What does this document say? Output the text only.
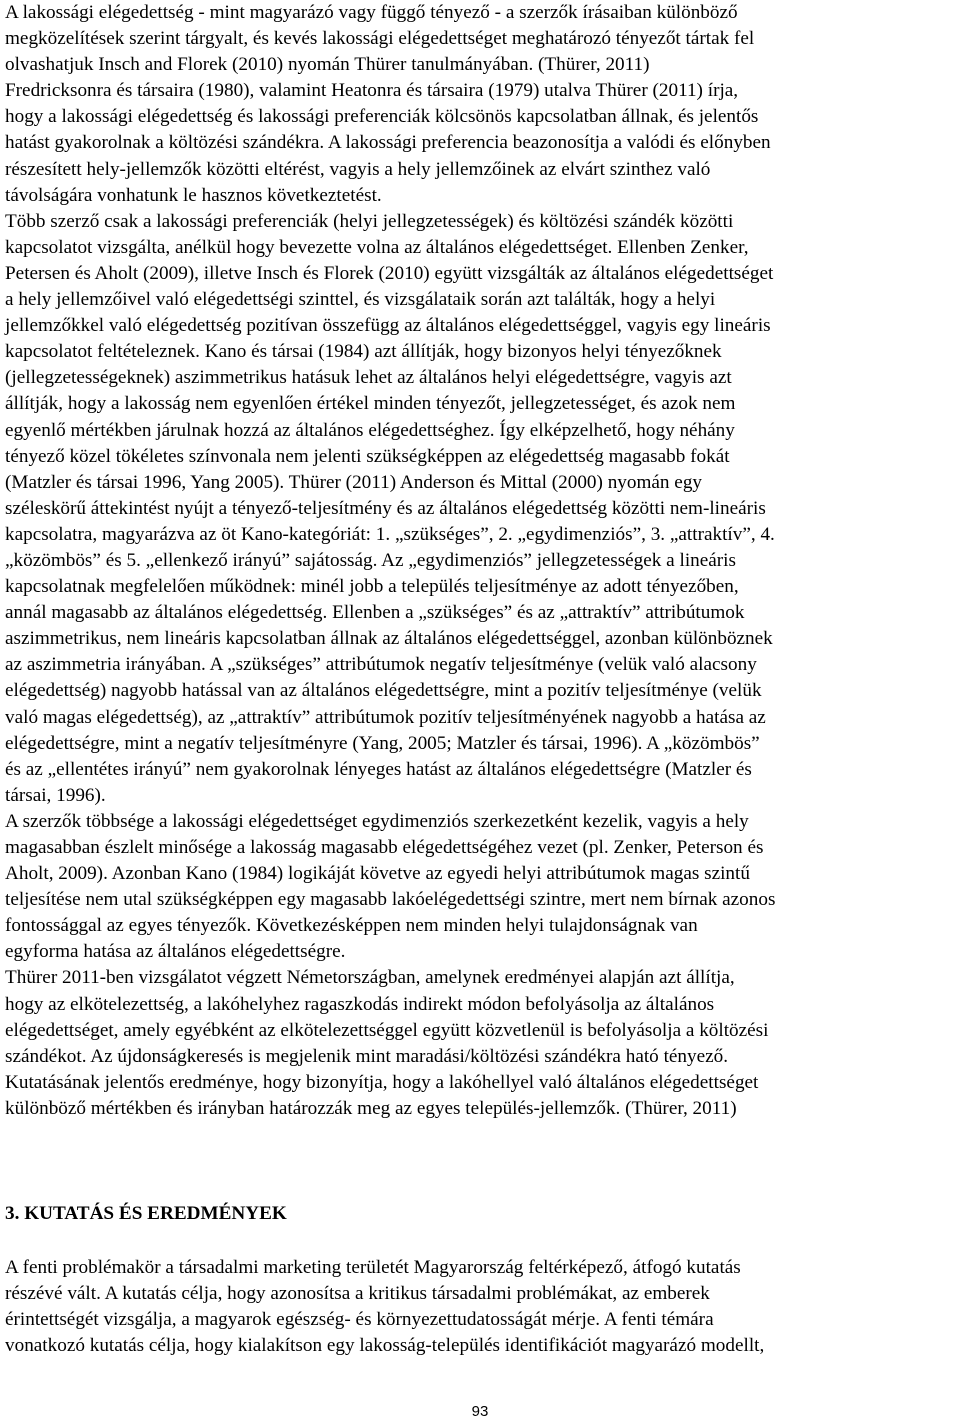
A lakossági elégedettség - mint magyarázó vagy függő tényező - a szerzők írásaiban különböző
megközelítések szerint tárgyalt, és kevés lakossági elégedettséget meghatározó tényezőt tártak fel
olvashatjuk Insch and Florek (2010) nyomán Thürer tanulmányában. (Thürer, 2011)
Fredricksonra és társaira (1980), valamint Heatonra és társaira (1979) utalva Thürer (2011) írja,
hogy a lakossági elégedettség és lakossági preferenciák kölcsönös kapcsolatban állnak, és jelentős
hatást gyakorolnak a költözési szándékra. A lakossági preferencia beazonosítja a valódi és előnyben
részesített hely-jellemzők közötti eltérést, vagyis a hely jellemzőinek az elvárt szinthez való
távolságára vonhatunk le hasznos következtetést.

Több szerző csak a lakossági preferenciák (helyi jellegzetességek) és költözési szándék közötti
kapcsolatot vizsgálta, anélkül hogy bevezette volna az általános elégedettséget. Ellenben Zenker,
Petersen és Aholt (2009), illetve Insch és Florek (2010) együtt vizsgálták az általános elégedettséget
a hely jellemzőivel való elégedettségi szinttel, és vizsgálataik során azt találták, hogy a helyi
jellemzőkkel való elégedettség pozitívan összefügg az általános elégedettséggel, vagyis egy lineáris
kapcsolatot feltételeznek. Kano és társai (1984) azt állítják, hogy bizonyos helyi tényezőknek
(jellegzetességeknek) aszimmetrikus hatásuk lehet az általános helyi elégedettségre, vagyis azt
állítják, hogy a lakosság nem egyenlően értékel minden tényezőt, jellegzetességet, és azok nem
egyenlő mértékben járulnak hozzá az általános elégedettséghez. Így elképzelhető, hogy néhány
tényező közel tökéletes színvonala nem jelenti szükségképpen az elégedettség magasabb fokát
(Matzler és társai 1996, Yang 2005). Thürer (2011) Anderson és Mittal (2000) nyomán egy
széleskörű áttekintést nyújt a tényező-teljesítmény és az általános elégedettség közötti nem-lineáris
kapcsolatra, magyarázva az öt Kano-kategóriát: 1. „szükséges”, 2. „egydimenziós”, 3. „attraktív”, 4.
„közömbös” és 5. „ellenkező irányú” sajátosság. Az „egydimenziós” jellegzetességek a lineáris
kapcsolatnak megfelelően működnek: minél jobb a település teljesítménye az adott tényezőben,
annál magasabb az általános elégedettség. Ellenben a „szükséges” és az „attraktív” attribútumok
aszimmetrikus, nem lineáris kapcsolatban állnak az általános elégedettséggel, azonban különböznek
az aszimmetria irányában. A „szükséges” attribútumok negatív teljesítménye (velük való alacsony
elégedettség) nagyobb hatással van az általános elégedettségre, mint a pozitív teljesítménye (velük
való magas elégedettség), az „attraktív” attribútumok pozitív teljesítményének nagyobb a hatása az
elégedettségre, mint a negatív teljesítményre (Yang, 2005; Matzler és társai, 1996). A „közömbös”
és az „ellentétes irányú” nem gyakorolnak lényeges hatást az általános elégedettségre (Matzler és
társai, 1996).

A szerzők többsége a lakossági elégedettséget egydimenziós szerkezetként kezelik, vagyis a hely
magasabban észlelt minősége a lakosság magasabb elégedettségéhez vezet (pl. Zenker, Peterson és
Aholt, 2009). Azonban Kano (1984) logikáját követve az egyedi helyi attribútumok magas szintű
teljesítése nem utal szükségképpen egy magasabb lakóelégedettségi szintre, mert nem bírnak azonos
fontossággal az egyes tényezők. Következésképpen nem minden helyi tulajdonságnak van
egyforma hatása az általános elégedettségre.

Thürer 2011-ben vizsgálatot végzett Németországban, amelynek eredményei alapján azt állítja,
hogy az elkötelezettség, a lakóhelyhez ragaszkodás indirekt módon befolyásolja az általános
elégedettséget, amely egyébként az elkötelezettséggel együtt közvetlenül is befolyásolja a költözési
szándékot. Az újdonságkeresés is megjelenik mint maradási/költözési szándékra ható tényező.
Kutatásának jelentős eredménye, hogy bizonyítja, hogy a lakóhellyel való általános elégedettséget
különböző mértékben és irányban határozzák meg az egyes település-jellemzők. (Thürer, 2011)

3. KUTATÁS ÉS EREDMÉNYEK

A fenti problémakör a társadalmi marketing területét Magyarország feltérképező, átfogó kutatás
részévé vált. A kutatás célja, hogy azonosítsa a kritikus társadalmi problémákat, az emberek
érintettségét vizsgálja, a magyarok egészség- és környezettudatosságát mérje. A fenti témára
vonatkozó kutatás célja, hogy kialakítson egy lakosság-település identifikációt magyarázó modellt,

93
